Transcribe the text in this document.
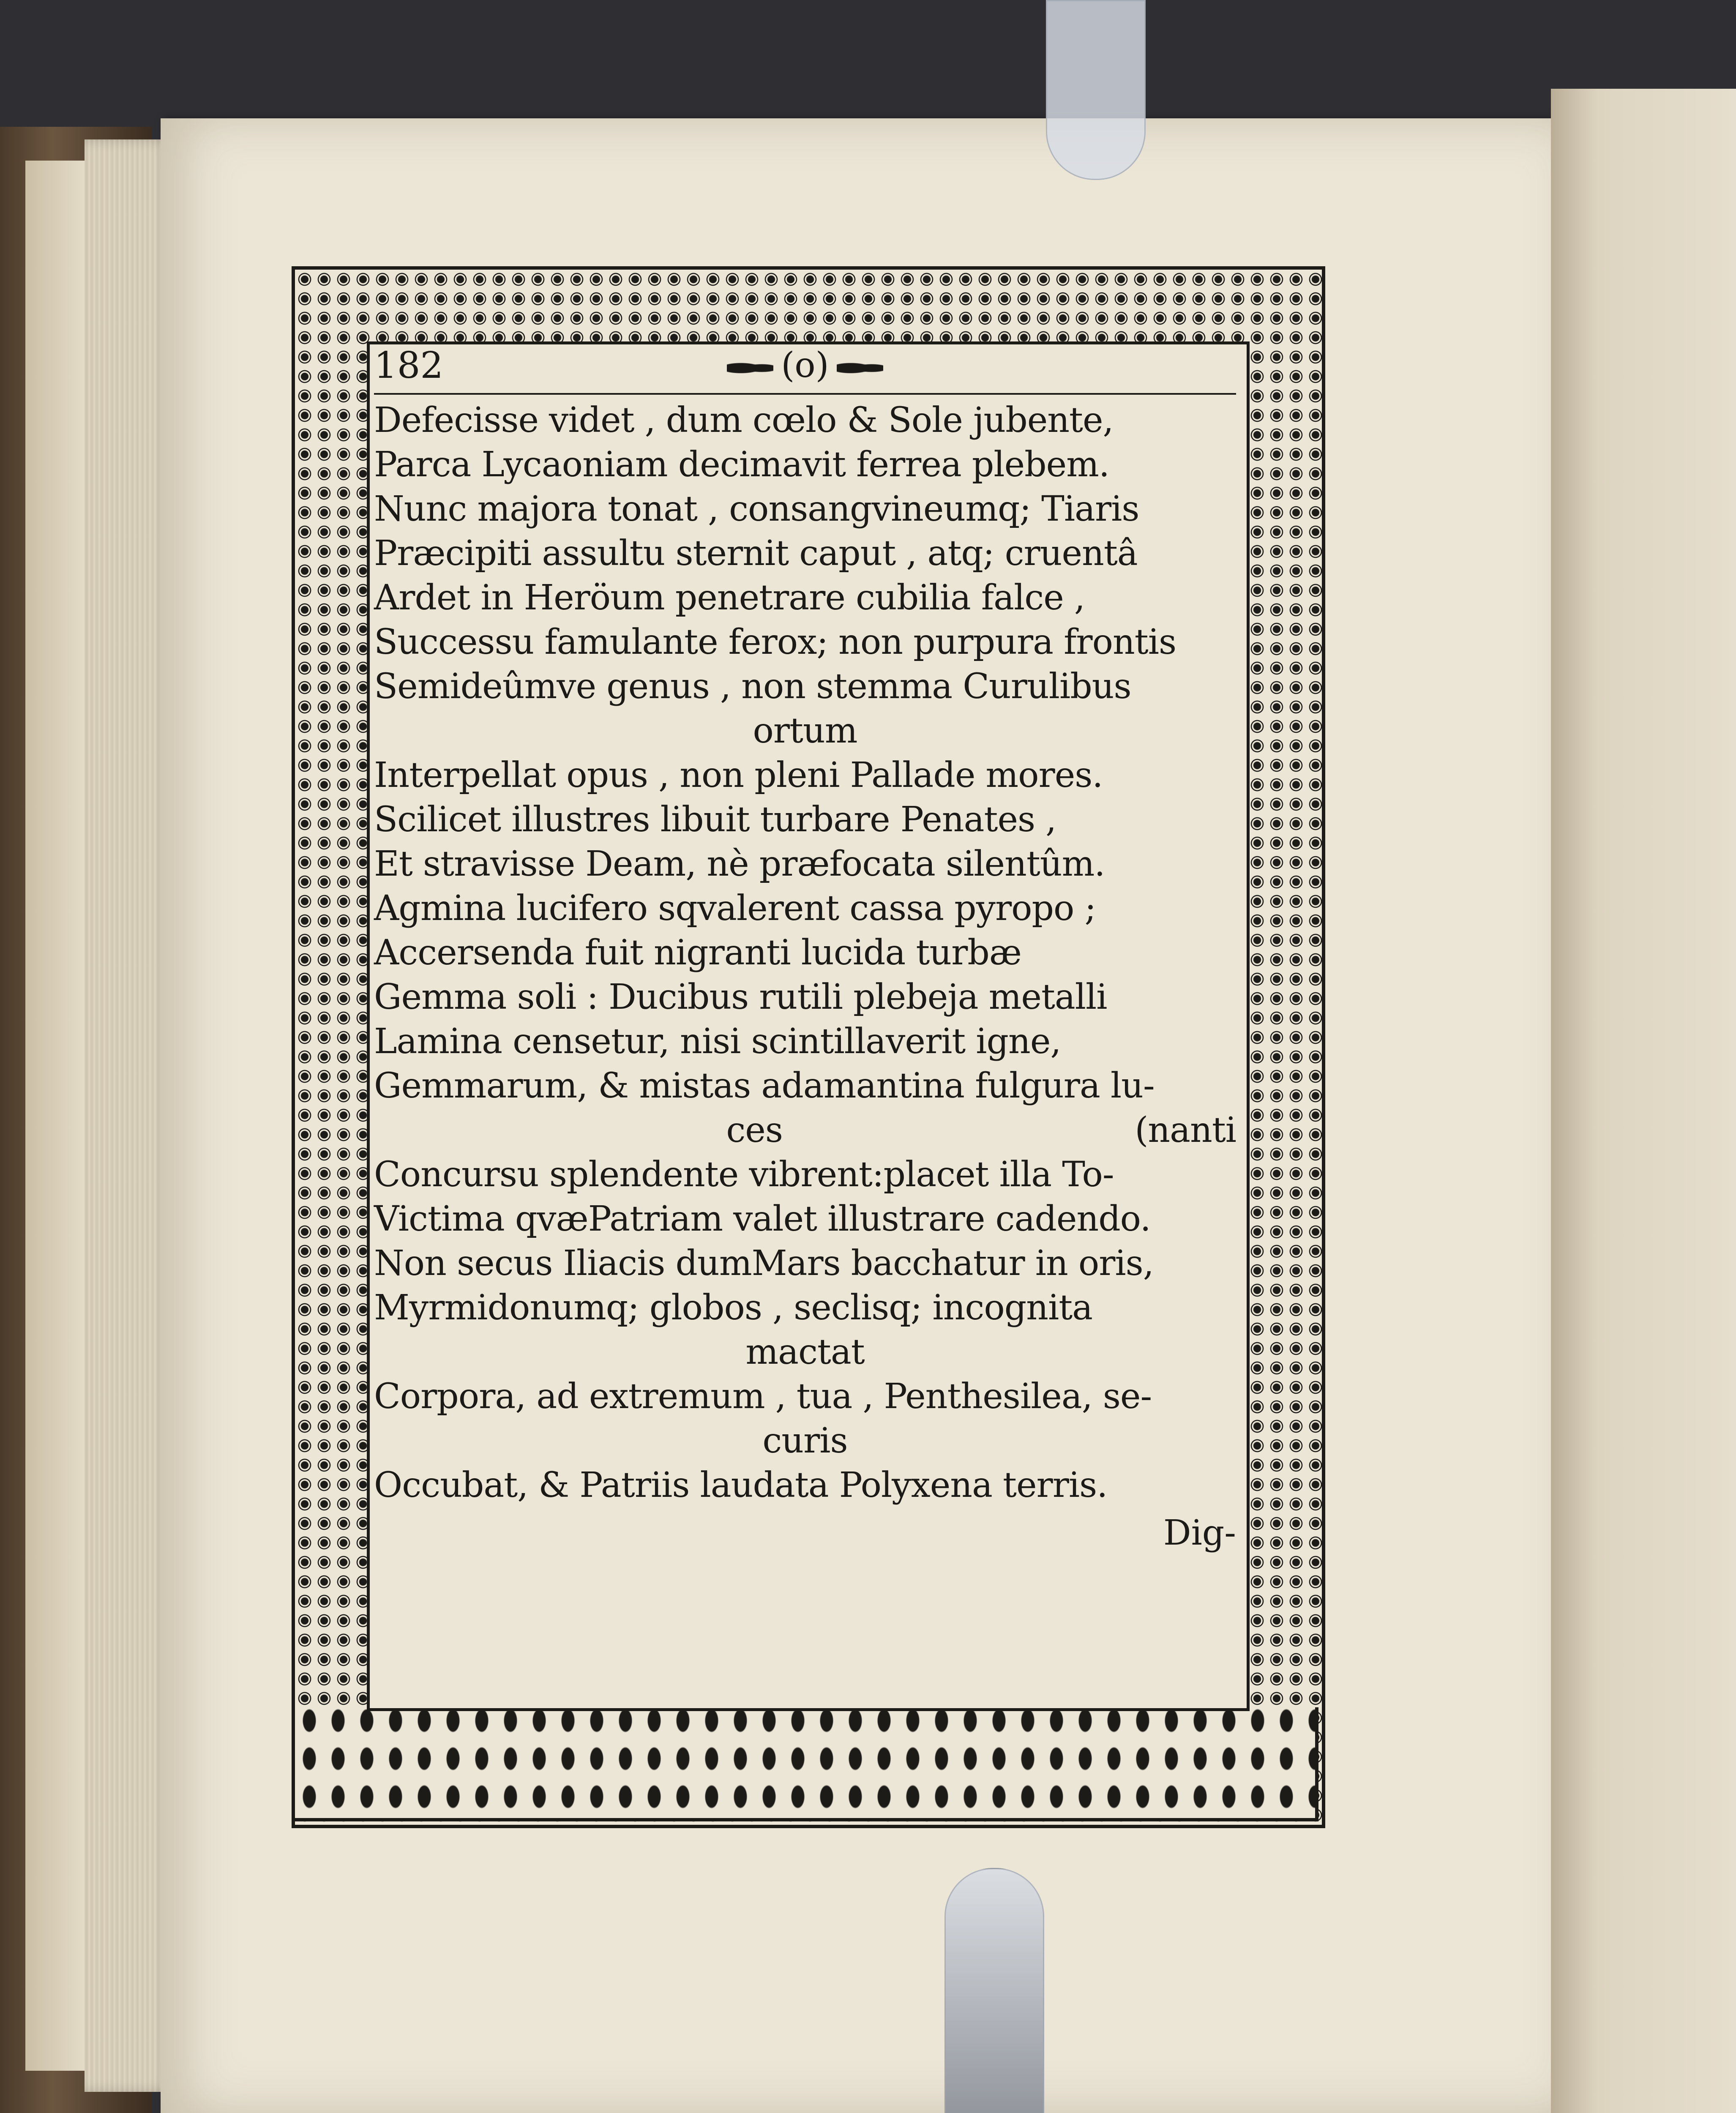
182	(o)
Defecisse videt , dum cœlo & Sole jubente,
Parca Lycaoniam decimavit ferrea plebem.
Nunc majora tonat , consangvineumq; Tiaris
Præcipiti assultu sternit caput , atq; cruentâ
Ardet in Heröum penetrare cubilia falce ,
Successu famulante ferox; non purpura frontis
Semideûmve genus , non stemma Curulibus
ortum
Interpellat opus , non pleni Pallade mores.
Scilicet illustres libuit turbare Penates ,
Et stravisse Deam, nè præfocata silentûm.
Agmina lucifero sqvalerent cassa pyropo ;
Accersenda fuit nigranti lucida turbæ
Gemma soli : Ducibus rutili plebeja metalli
Lamina censetur, nisi scintillaverit igne,
Gemmarum, & mistas adamantina fulgura lu-
ces	(nanti
Concursu splendente vibrent:placet illa To-
Victima qvæPatriam valet illustrare cadendo.
Non secus Iliacis dumMars bacchatur in oris,
Myrmidonumq; globos , seclisq; incognita
mactat
Corpora, ad extremum , tua , Penthesilea, se-
curis
Occubat, & Patriis laudata Polyxena terris.
Dig-
